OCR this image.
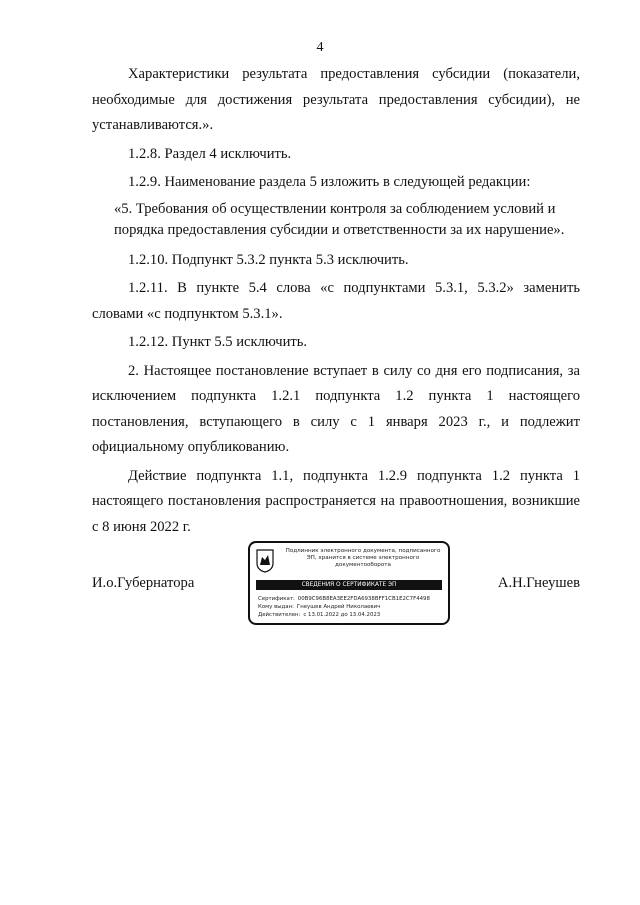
4

Характеристики результата предоставления субсидии (показатели, необходимые для достижения результата предоставления субсидии), не устанавливаются.».

1.2.8. Раздел 4 исключить.

1.2.9. Наименование раздела 5 изложить в следующей редакции:

«5. Требования об осуществлении контроля за соблюдением условий и порядка предоставления субсидии и ответственности за их нарушение».

1.2.10. Подпункт 5.3.2 пункта 5.3 исключить.

1.2.11. В пункте 5.4 слова «с подпунктами 5.3.1, 5.3.2» заменить словами «с подпунктом 5.3.1».

1.2.12. Пункт 5.5 исключить.

2. Настоящее постановление вступает в силу со дня его подписания, за исключением подпункта 1.2.1 подпункта 1.2 пункта 1 настоящего постановления, вступающего в силу с 1 января 2023 г., и подлежит официальному опубликованию.

Действие подпункта 1.1, подпункта 1.2.9 подпункта 1.2 пункта 1 настоящего постановления распространяется на правоотношения, возникшие с 8 июня 2022 г.

И.о.Губернатора
Подлинник электронного документа, подписанного ЭП, хранится в системе электронного документооборота
СВЕДЕНИЯ О СЕРТИФИКАТЕ ЭП
Сертификат: 00B9C96B8EA3EE2FDA6938BFF1CB1E2C7F4498
Кому выдан: Гнеушев Андрей Николаевич
Действителен: с 13.01.2022 до 13.04.2023
А.Н.Гнеушев
